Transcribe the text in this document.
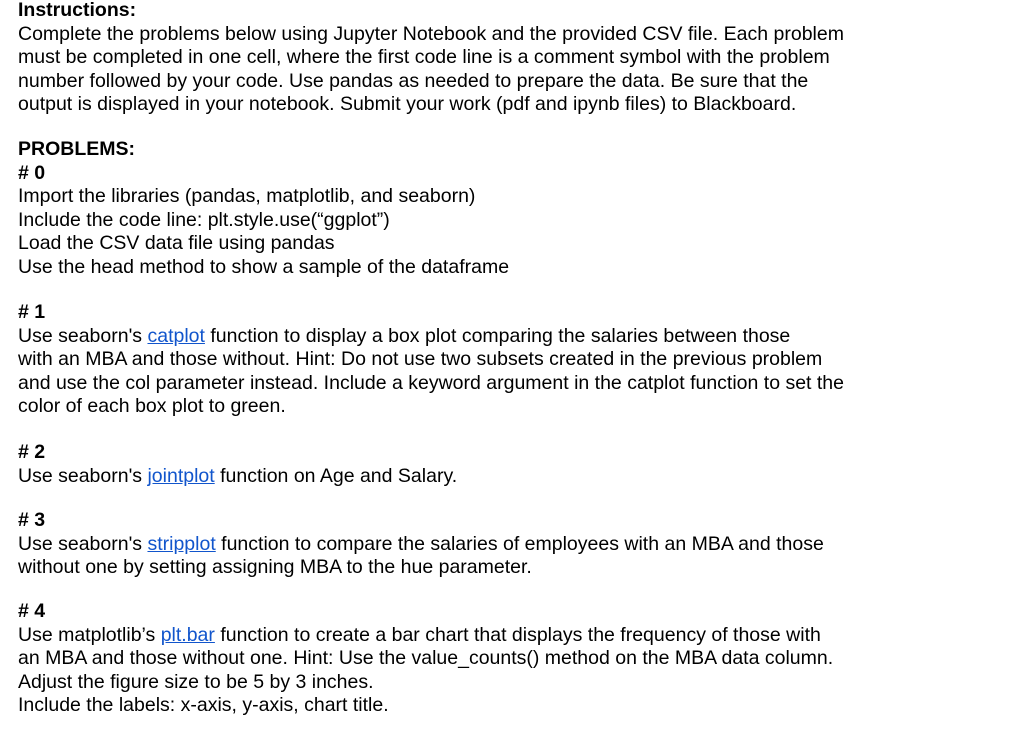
Instructions:
Complete the problems below using Jupyter Notebook and the provided CSV file. Each problem
must be completed in one cell, where the first code line is a comment symbol with the problem
number followed by your code. Use pandas as needed to prepare the data. Be sure that the
output is displayed in your notebook. Submit your work (pdf and ipynb files) to Blackboard.
PROBLEMS:
# 0
Import the libraries (pandas, matplotlib, and seaborn)
Include the code line: plt.style.use(“ggplot”)
Load the CSV data file using pandas
Use the head method to show a sample of the dataframe
# 1
Use seaborn's catplot function to display a box plot comparing the salaries between those
with an MBA and those without. Hint: Do not use two subsets created in the previous problem
and use the col parameter instead. Include a keyword argument in the catplot function to set the
color of each box plot to green.
# 2
Use seaborn's jointplot function on Age and Salary.
# 3
Use seaborn's stripplot function to compare the salaries of employees with an MBA and those
without one by setting assigning MBA to the hue parameter.
# 4
Use matplotlib’s plt.bar function to create a bar chart that displays the frequency of those with
an MBA and those without one. Hint: Use the value_counts() method on the MBA data column.
Adjust the figure size to be 5 by 3 inches.
Include the labels: x-axis, y-axis, chart title.
